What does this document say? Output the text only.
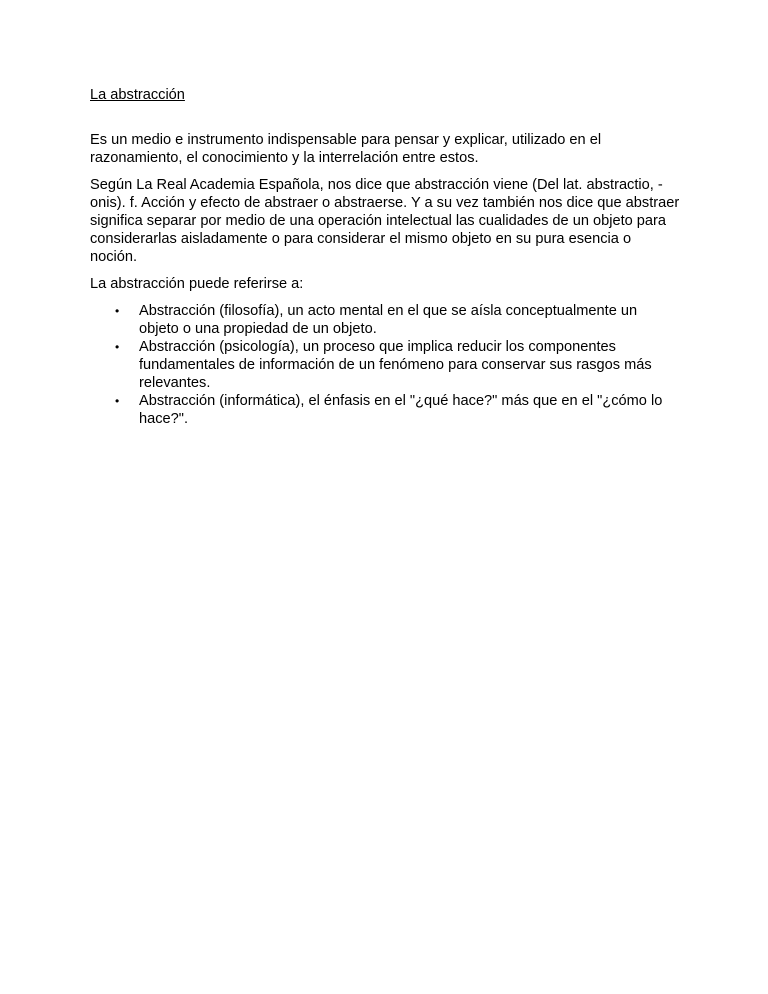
La abstracción

Es un medio e instrumento indispensable para pensar y explicar, utilizado en el razonamiento, el conocimiento y la interrelación entre estos.

Según La Real Academia Española, nos dice que abstracción viene (Del lat. abstractio, -onis). f. Acción y efecto de abstraer o abstraerse. Y a su vez también nos dice que abstraer significa separar por medio de una operación intelectual las cualidades de un objeto para considerarlas aisladamente o para considerar el mismo objeto en su pura esencia o noción.

La abstracción puede referirse a:

• Abstracción (filosofía), un acto mental en el que se aísla conceptualmente un objeto o una propiedad de un objeto.
• Abstracción (psicología), un proceso que implica reducir los componentes fundamentales de información de un fenómeno para conservar sus rasgos más relevantes.
• Abstracción (informática), el énfasis en el "¿qué hace?" más que en el "¿cómo lo hace?".
